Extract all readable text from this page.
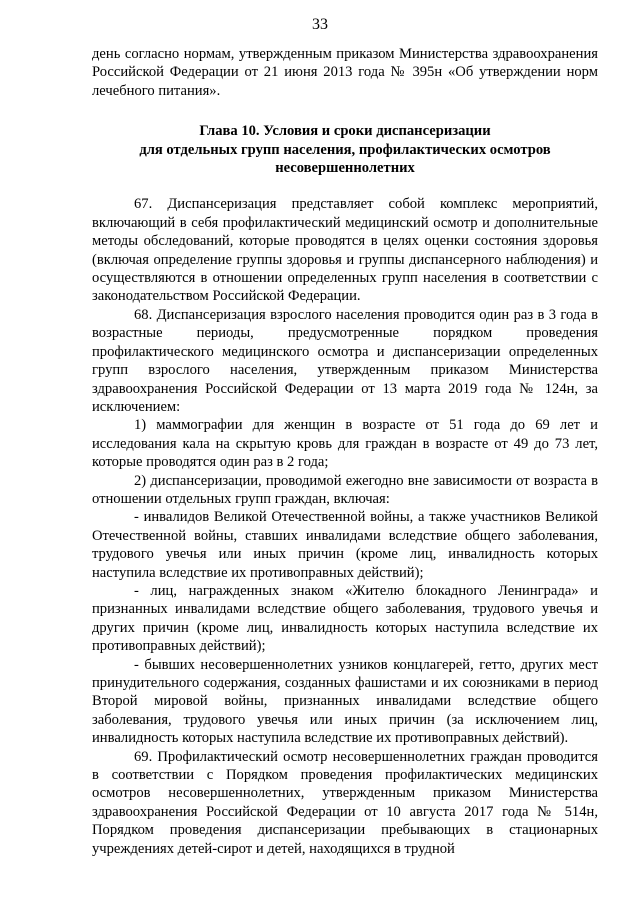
33

день согласно нормам, утвержденным приказом Министерства здравоохранения Российской Федерации от 21 июня 2013 года № 395н «Об утверждении норм лечебного питания».

Глава 10. Условия и сроки диспансеризации
для отдельных групп населения, профилактических осмотров
несовершеннолетних

67. Диспансеризация представляет собой комплекс мероприятий, включающий в себя профилактический медицинский осмотр и дополнительные методы обследований, которые проводятся в целях оценки состояния здоровья (включая определение группы здоровья и группы диспансерного наблюдения) и осуществляются в отношении определенных групп населения в соответствии с законодательством Российской Федерации.

68. Диспансеризация взрослого населения проводится один раз в 3 года в возрастные периоды, предусмотренные порядком проведения профилактического медицинского осмотра и диспансеризации определенных групп взрослого населения, утвержденным приказом Министерства здравоохранения Российской Федерации от 13 марта 2019 года № 124н, за исключением:

1) маммографии для женщин в возрасте от 51 года до 69 лет и исследования кала на скрытую кровь для граждан в возрасте от 49 до 73 лет, которые проводятся один раз в 2 года;

2) диспансеризации, проводимой ежегодно вне зависимости от возраста в отношении отдельных групп граждан, включая:

- инвалидов Великой Отечественной войны, а также участников Великой Отечественной войны, ставших инвалидами вследствие общего заболевания, трудового увечья или иных причин (кроме лиц, инвалидность которых наступила вследствие их противоправных действий);

- лиц, награжденных знаком «Жителю блокадного Ленинграда» и признанных инвалидами вследствие общего заболевания, трудового увечья и других причин (кроме лиц, инвалидность которых наступила вследствие их противоправных действий);

- бывших несовершеннолетних узников концлагерей, гетто, других мест принудительного содержания, созданных фашистами и их союзниками в период Второй мировой войны, признанных инвалидами вследствие общего заболевания, трудового увечья или иных причин (за исключением лиц, инвалидность которых наступила вследствие их противоправных действий).

69. Профилактический осмотр несовершеннолетних граждан проводится в соответствии с Порядком проведения профилактических медицинских осмотров несовершеннолетних, утвержденным приказом Министерства здравоохранения Российской Федерации от 10 августа 2017 года № 514н, Порядком проведения диспансеризации пребывающих в стационарных учреждениях детей-сирот и детей, находящихся в трудной
